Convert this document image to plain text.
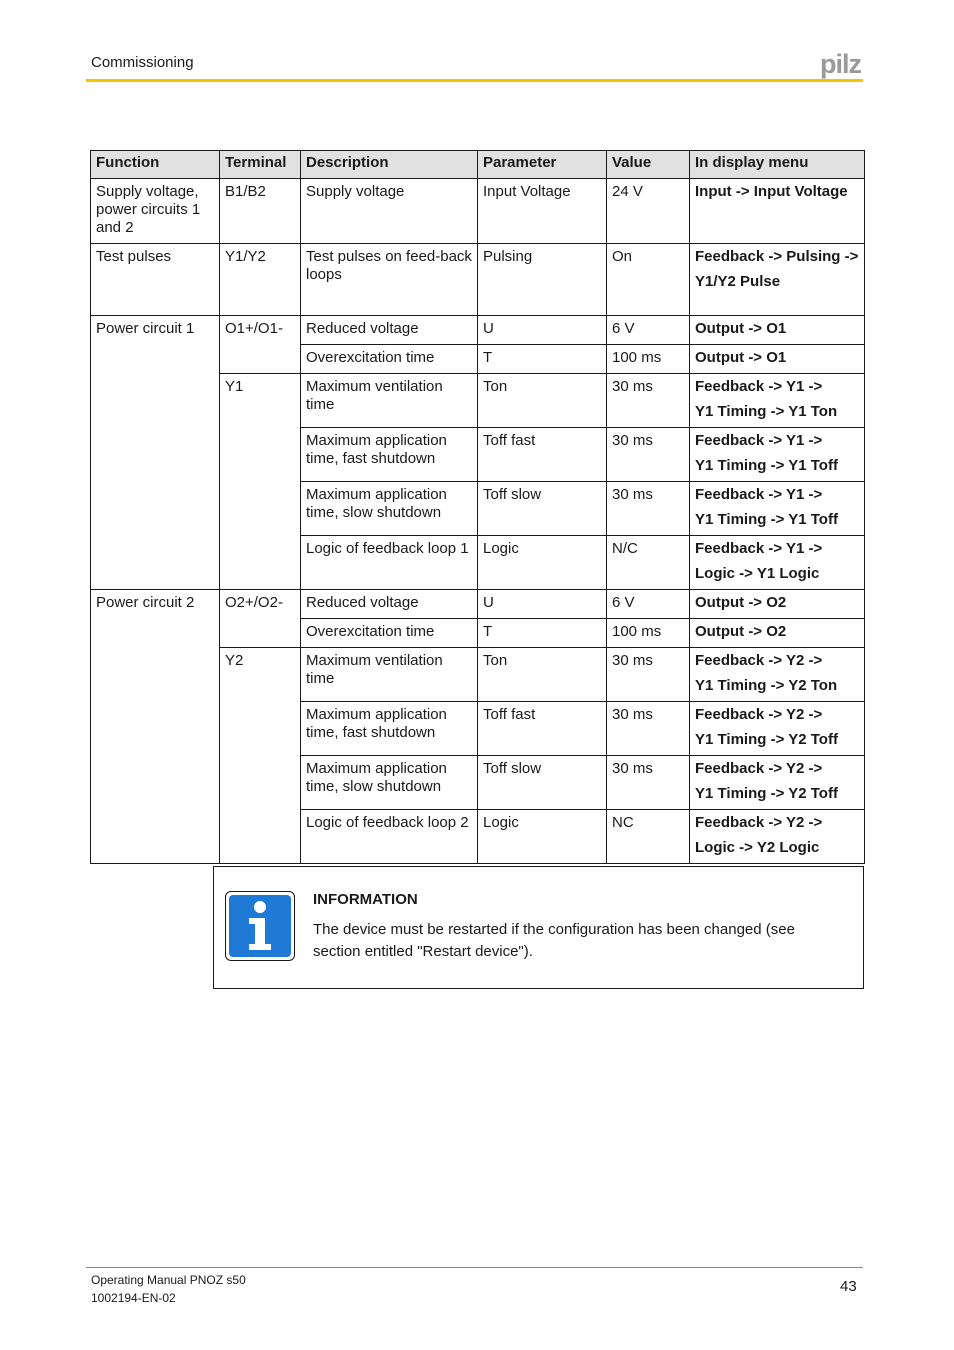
Commissioning	pilz
Function	Terminal	Description	Parameter	Value	In display menu
Supply voltage, power circuits 1 and 2	B1/B2	Supply voltage	Input Voltage	24 V	Input -> Input Voltage
Test pulses	Y1/Y2	Test pulses on feed-back loops	Pulsing	On	Feedback -> Pulsing ->
Y1/Y2 Pulse

Power circuit 1	O1+/O1-	Reduced voltage	U	6 V	Output -> O1
		Overexcitation time	T	100 ms	Output -> O1
	Y1	Maximum ventilation time	Ton	30 ms	Feedback -> Y1 ->
Y1 Timing -> Y1 Ton

		Maximum application time, fast shutdown	Toff fast	30 ms	Feedback -> Y1 ->
Y1 Timing -> Y1 Toff

		Maximum application time, slow shutdown	Toff slow	30 ms	Feedback -> Y1 ->
Y1 Timing -> Y1 Toff

		Logic of feedback loop 1	Logic	N/C	Feedback -> Y1 ->
Logic -> Y1 Logic

Power circuit 2	O2+/O2-	Reduced voltage	U	6 V	Output -> O2
		Overexcitation time	T	100 ms	Output -> O2
	Y2	Maximum ventilation time	Ton	30 ms	Feedback -> Y2 ->
Y1 Timing -> Y2 Ton

		Maximum application time, fast shutdown	Toff fast	30 ms	Feedback -> Y2 ->
Y1 Timing -> Y2 Toff

		Maximum application time, slow shutdown	Toff slow	30 ms	Feedback -> Y2 ->
Y1 Timing -> Y2 Toff

		Logic of feedback loop 2	Logic	NC	Feedback -> Y2 ->
Logic -> Y2 Logic
INFORMATION
The device must be restarted if the configuration has been changed (see section entitled "Restart device").
Operating Manual PNOZ s50
1002194-EN-02
43
